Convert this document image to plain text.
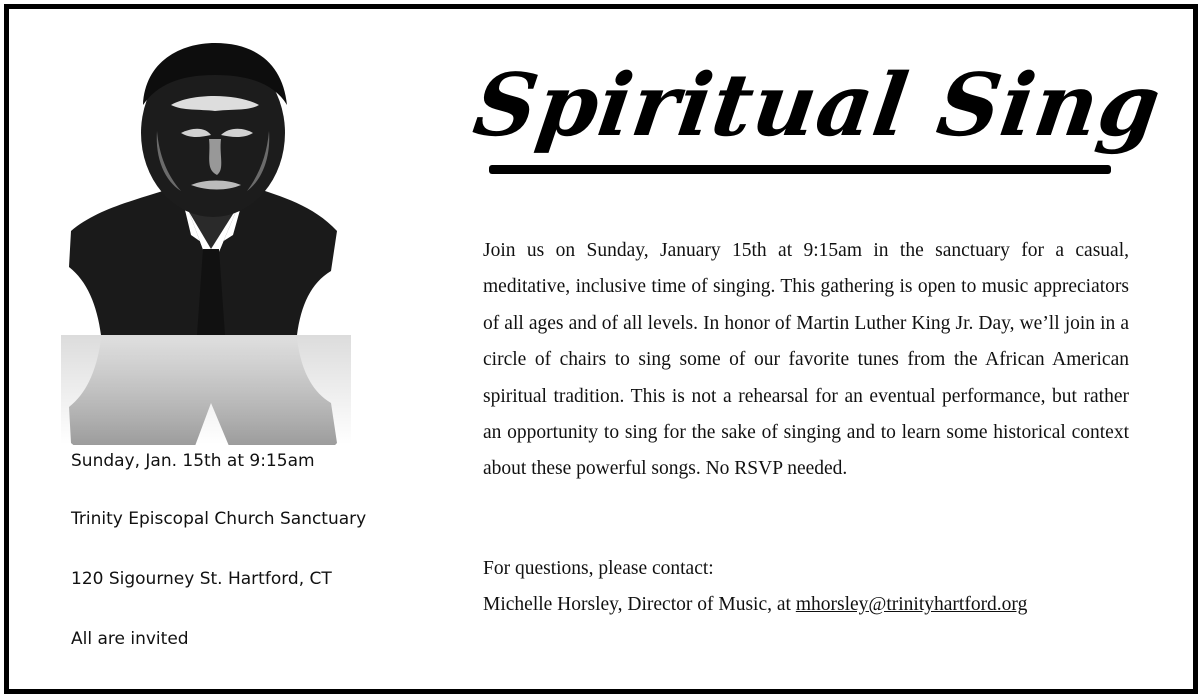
Sunday, Jan. 15th at 9:15am
Trinity Episcopal Church Sanctuary
120 Sigourney St. Hartford, CT
All are invited
Spiritual Sing
Join us on Sunday, January 15th at 9:15am in the sanctuary for a casual, meditative, inclusive time of singing. This gathering is open to music appreciators of all ages and of all levels. In honor of Martin Luther King Jr. Day, we’ll join in a circle of chairs to sing some of our favorite tunes from the African American spiritual tradition. This is not a rehearsal for an eventual performance, but rather an opportunity to sing for the sake of singing and to learn some historical context about these powerful songs. No RSVP needed.
For questions, please contact:
Michelle Horsley, Director of Music, at mhorsley@trinityhartford.org
